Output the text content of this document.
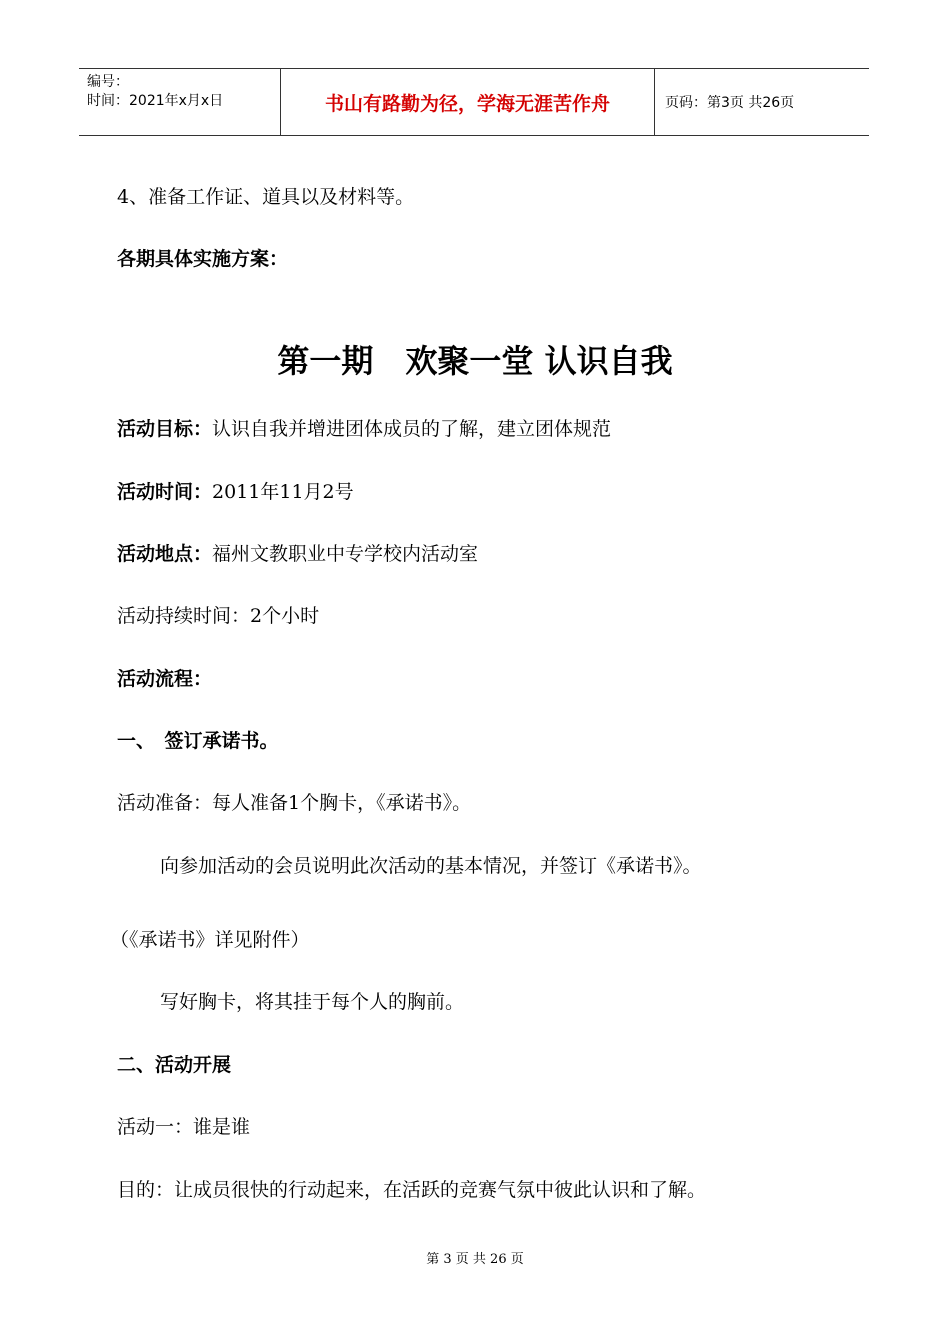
编号：
时间：2021年x月x日	书山有路勤为径，学海无涯苦作舟	页码：第3页 共26页
4、准备工作证、道具以及材料等。
各期具体实施方案：
第一期　欢聚一堂 认识自我
活动目标：认识自我并增进团体成员的了解，建立团体规范
活动时间：2011年11月2号
活动地点：福州文教职业中专学校内活动室
活动持续时间：2个小时
活动流程：
一、　签订承诺书。
活动准备：每人准备1个胸卡，《承诺书》。
向参加活动的会员说明此次活动的基本情况，并签订《承诺书》。
（《承诺书》详见附件）
写好胸卡，将其挂于每个人的胸前。
二、活动开展
活动一：谁是谁
目的：让成员很快的行动起来，在活跃的竞赛气氛中彼此认识和了解。
第 3 页 共 26 页
